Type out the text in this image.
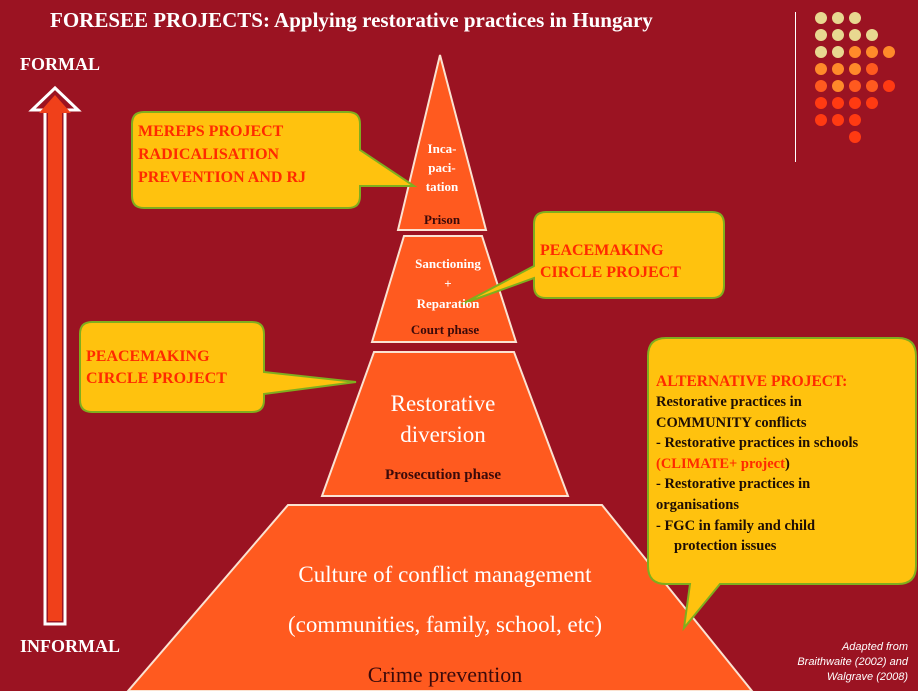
FORESEE PROJECTS: Applying restorative practices in Hungary
FORMAL
INFORMAL
Inca-
paci-
tation
Prison
Sanctioning
+
Reparation
Court phase
Restorative
diversion
Prosecution phase
Culture of conflict management
(communities, family, school, etc)
Crime prevention
MEREPS PROJECT
RADICALISATION
PREVENTION AND RJ
PEACEMAKING
CIRCLE PROJECT
PEACEMAKING
CIRCLE PROJECT	ALTERNATIVE PROJECT:
Restorative practices in
COMMUNITY conflicts
- Restorative practices in schools
(CLIMATE+ project)
- Restorative practices in
organisations
- FGC in family and child
protection issues
Adapted from
Braithwaite (2002) and
Walgrave (2008)
